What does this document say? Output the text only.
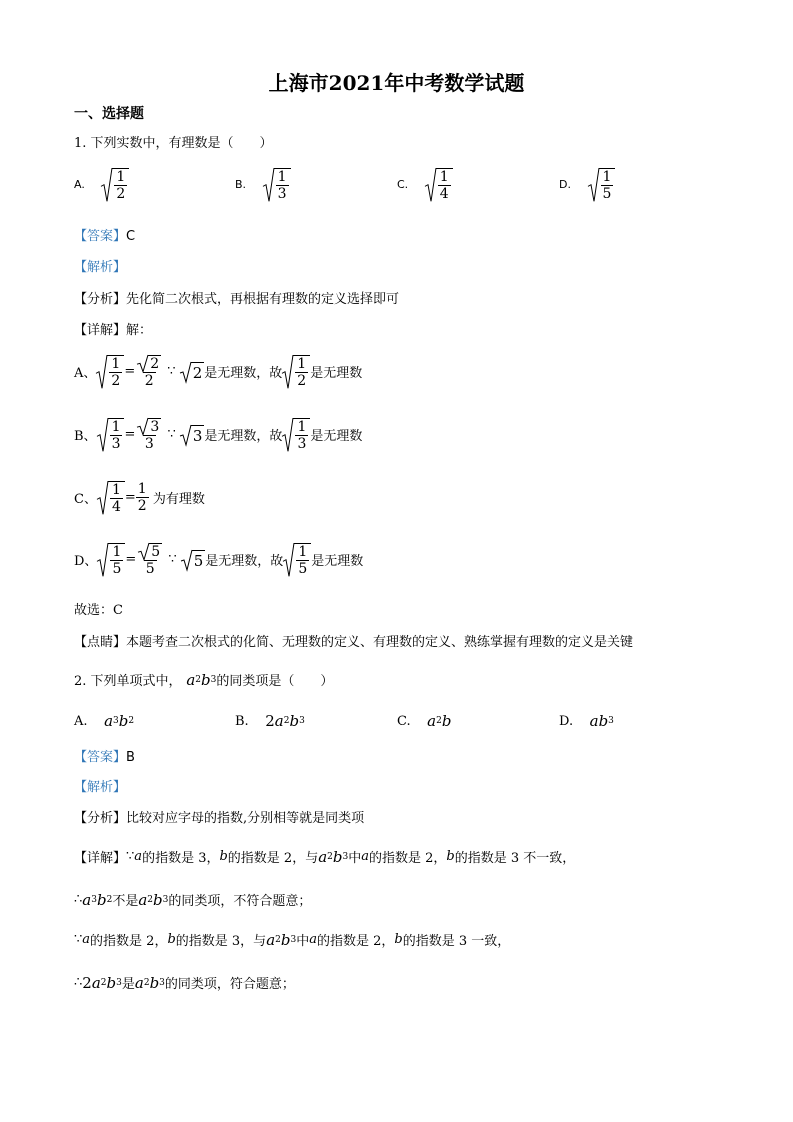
上海市2021年中考数学试题
一、选择题
1. 下列实数中，有理数是（　　）
A.
$\frac{1}{2}$	B.
$\frac{1}{3}$	C.
$\frac{1}{4}$	D.
$\frac{1}{5}$
【答案】C
【解析】
【分析】先化简二次根式，再根据有理数的定义选择即可
【详解】解：
A、 $\frac{1}{2} = \frac{2}{2}$
∵
2 是无理数，故 $\frac{1}{2}$ 是无理数
B、 $\frac{1}{3} = \frac{3}{3}$
∵
3 是无理数，故 $\frac{1}{3}$ 是无理数
C、 $\frac{1}{4} = \frac{1}{2}$
为有理数
D、 $\frac{1}{5} = \frac{5}{5}$
∵
5 是无理数，故 $\frac{1}{5}$ 是无理数
故选：C
【点睛】本题考查二次根式的化简、无理数的定义、有理数的定义、熟练掌握有理数的定义是关键
2. 下列单项式中， a 2 b 3 的同类项是（　　）
A.
a 3 b 2	B.
2 a 2 b 3	C.
a 2 b	D.
ab 3
【答案】B
【解析】
【分析】比较对应字母的指数,分别相等就是同类项
【详解】 ∵ a 的指数是 3， b 的指数是 2，与 a 2 b 3 中 a 的指数是 2， b 的指数是 3 不一致，
∴ a 3 b 2 不是 a 2 b 3 的同类项，不符合题意；
∵ a 的指数是 2， b 的指数是 3，与 a 2 b 3 中 a 的指数是 2， b 的指数是 3 一致，
∴ 2 a 2 b 3 是 a 2 b 3 的同类项，符合题意；
